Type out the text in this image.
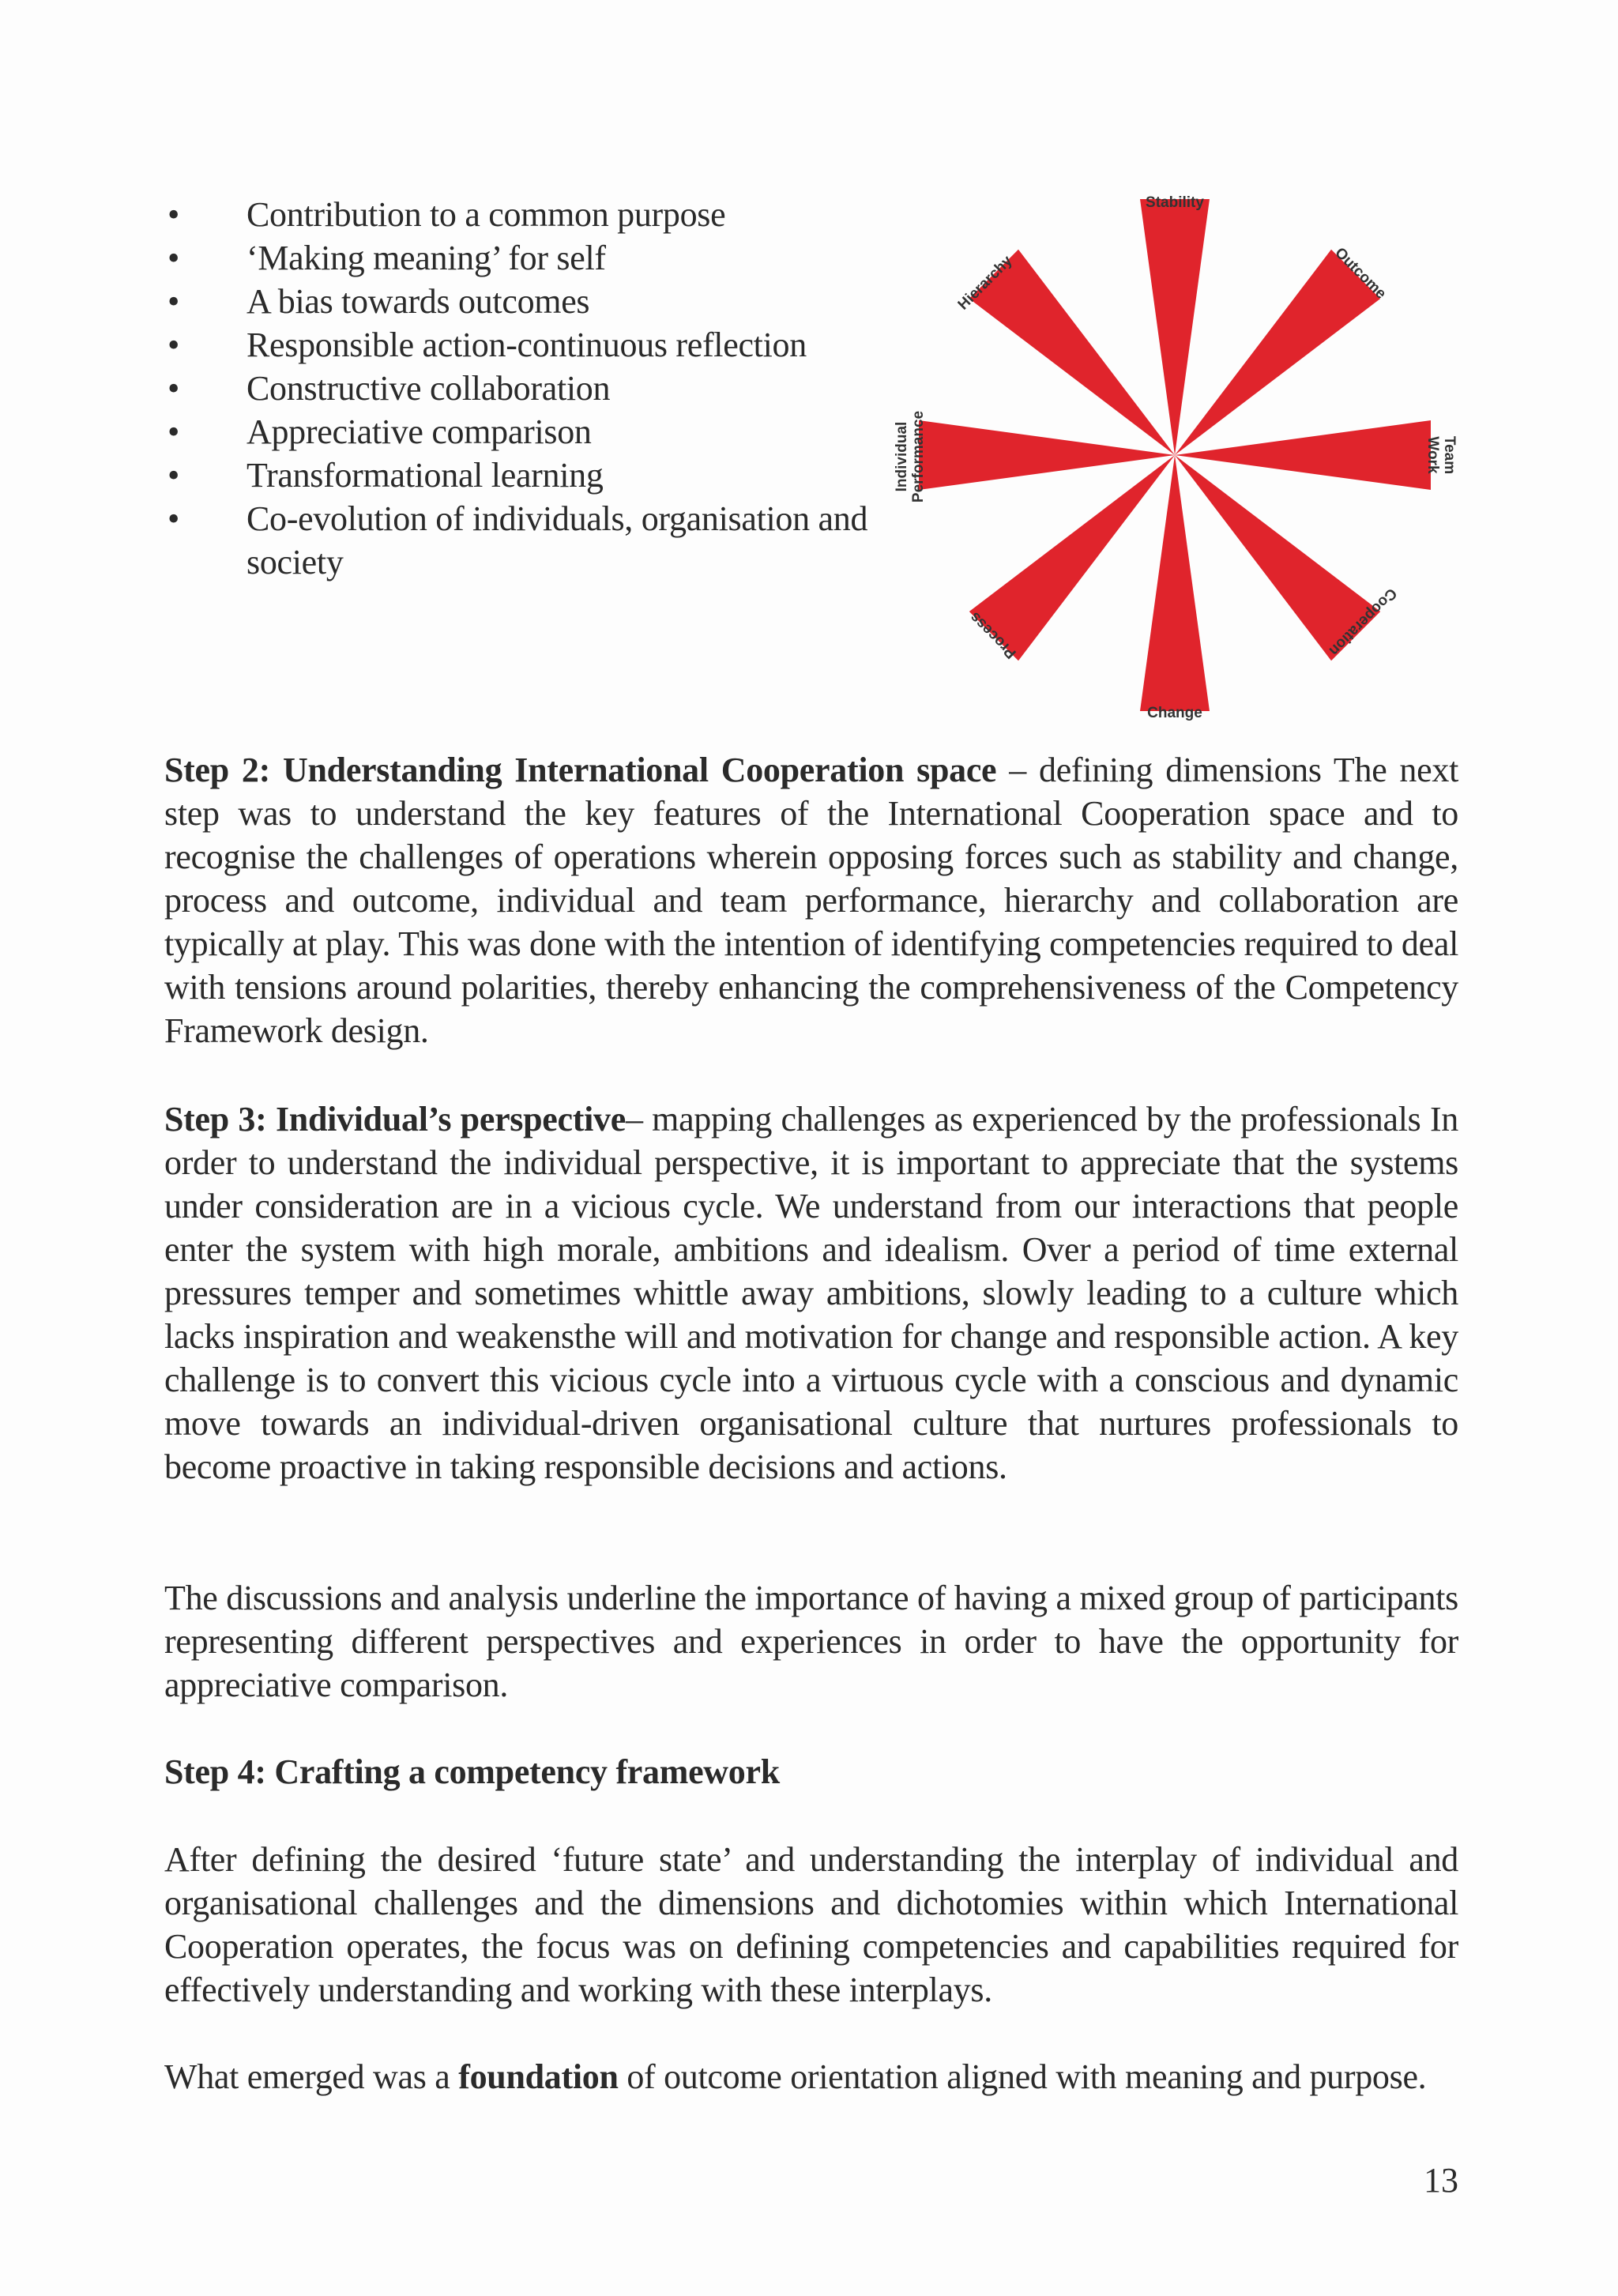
• Contribution to a common purpose
• ‘Making meaning’ for self
• A bias towards outcomes
• Responsible action-continuous reflection
• Constructive collaboration
• Appreciative comparison
• Transformational learning
• Co-evolution of individuals, organisation and society
Stability
Change
Outcome
Cooperation
Process
Hierarchy
TeamWork
IndividualPerformance

Step 2: Understanding International Cooperation space – defining dimensions The next step was to understand the key features of the International Cooperation space and to recognise the challenges of operations wherein opposing forces such as stability and change, process and outcome, individual and team performance, hierarchy and collaboration are typically at play. This was done with the intention of identifying competencies required to deal with tensions around polarities, thereby enhancing the comprehensiveness of the Competency Framework design.

Step 3: Individual’s perspective– mapping challenges as experienced by the professionals In order to understand the individual perspective, it is important to appreciate that the systems under consideration are in a vicious cycle. We understand from our interactions that people enter the system with high morale, ambitions and idealism. Over a period of time external pressures temper and sometimes whittle away ambitions, slowly leading to a culture which lacks inspiration and weakensthe will and motivation for change and responsible action. A key challenge is to convert this vicious cycle into a virtuous cycle with a conscious and dynamic move towards an individual-driven organisational culture that nurtures professionals to become proactive in taking responsible decisions and actions.

The discussions and analysis underline the importance of having a mixed group of participants representing different perspectives and experiences in order to have the opportunity for appreciative comparison.

Step 4: Crafting a competency framework

After defining the desired ‘future state’ and understanding the interplay of individual and organisational challenges and the dimensions and dichotomies within which International Cooperation operates, the focus was on defining competencies and capabilities required for effectively understanding and working with these interplays.

What emerged was a foundation of outcome orientation aligned with meaning and purpose.

13
